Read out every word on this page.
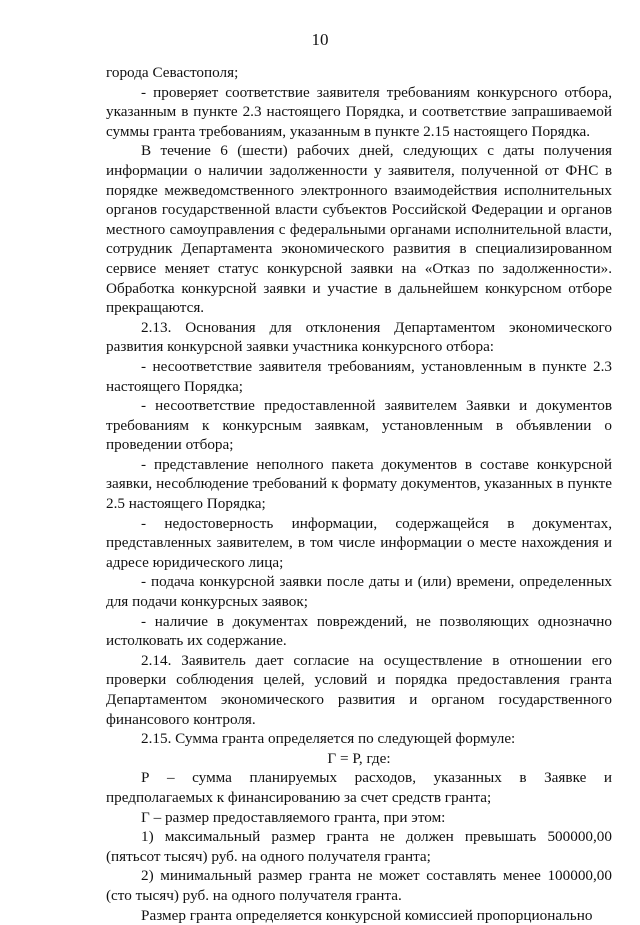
10

города Севастополя;

- проверяет соответствие заявителя требованиям конкурсного отбора, указанным в пункте 2.3 настоящего Порядка, и соответствие запрашиваемой суммы гранта требованиям, указанным в пункте 2.15 настоящего Порядка.

В течение 6 (шести) рабочих дней, следующих с даты получения информации о наличии задолженности у заявителя, полученной от ФНС в порядке межведомственного электронного взаимодействия исполнительных органов государственной власти субъектов Российской Федерации и органов местного самоуправления с федеральными органами исполнительной власти, сотрудник Департамента экономического развития в специализированном сервисе меняет статус конкурсной заявки на «Отказ по задолженности». Обработка конкурсной заявки и участие в дальнейшем конкурсном отборе прекращаются.

2.13. Основания для отклонения Департаментом экономического развития конкурсной заявки участника конкурсного отбора:

- несоответствие заявителя требованиям, установленным в пункте 2.3 настоящего Порядка;

- несоответствие предоставленной заявителем Заявки и документов требованиям к конкурсным заявкам, установленным в объявлении о проведении отбора;

- представление неполного пакета документов в составе конкурсной заявки, несоблюдение требований к формату документов, указанных в пункте 2.5 настоящего Порядка;

- недостоверность информации, содержащейся в документах, представленных заявителем, в том числе информации о месте нахождения и адресе юридического лица;

- подача конкурсной заявки после даты и (или) времени, определенных для подачи конкурсных заявок;

- наличие в документах повреждений, не позволяющих однозначно истолковать их содержание.

2.14. Заявитель дает согласие на осуществление в отношении его проверки соблюдения целей, условий и порядка предоставления гранта Департаментом экономического развития и органом государственного финансового контроля.

2.15. Сумма гранта определяется по следующей формуле:

Г = Р, где:

Р – сумма планируемых расходов, указанных в Заявке и предполагаемых к финансированию за счет средств гранта;

Г – размер предоставляемого гранта, при этом:

1) максимальный размер гранта не должен превышать 500000,00 (пятьсот тысяч) руб. на одного получателя гранта;

2) минимальный размер гранта не может составлять менее 100000,00 (сто тысяч) руб. на одного получателя гранта.

Размер гранта определяется конкурсной комиссией пропорционально
